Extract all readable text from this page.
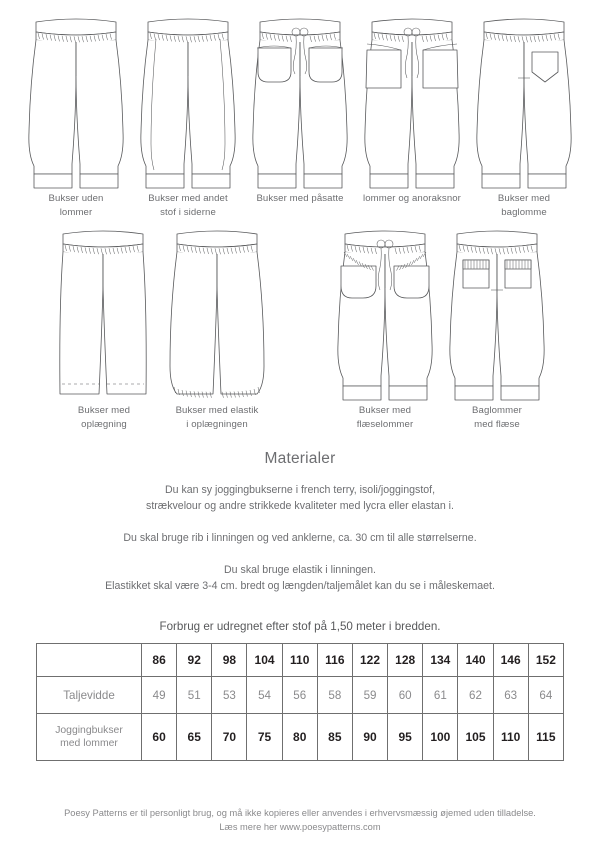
Bukser uden
lommer
Bukser med andet
stof i siderne
Bukser med påsatte	lommer og anoraksnor	Bukser med
baglomme
Bukser med
oplægning
Bukser med elastik
i oplægningen
Bukser med
flæselommer
Baglommer
med flæse
Materialer

Du kan sy joggingbukserne i french terry, isoli/joggingstof,
strækvelour og andre strikkede kvaliteter med lycra eller elastan i.

Du skal bruge rib i linningen og ved anklerne, ca. 30 cm til alle størrelserne.

Du skal bruge elastik i linningen.
Elastikket skal være 3-4 cm. bredt og længden/taljemålet kan du se i måleskemaet.

Forbrug er udregnet efter stof på 1,50 meter i bredden.
	86	92	98	104	110	116	122	128	134	140	146	152
Taljevidde	49	51	53	54	56	58	59	60	61	62	63	64
Joggingbukser
med lommer	60	65	70	75	80	85	90	95	100	105	110	115
Poesy Patterns er til personligt brug, og må ikke kopieres eller anvendes i erhvervsmæssig øjemed uden tilladelse.
Læs mere her www.poesypatterns.com
